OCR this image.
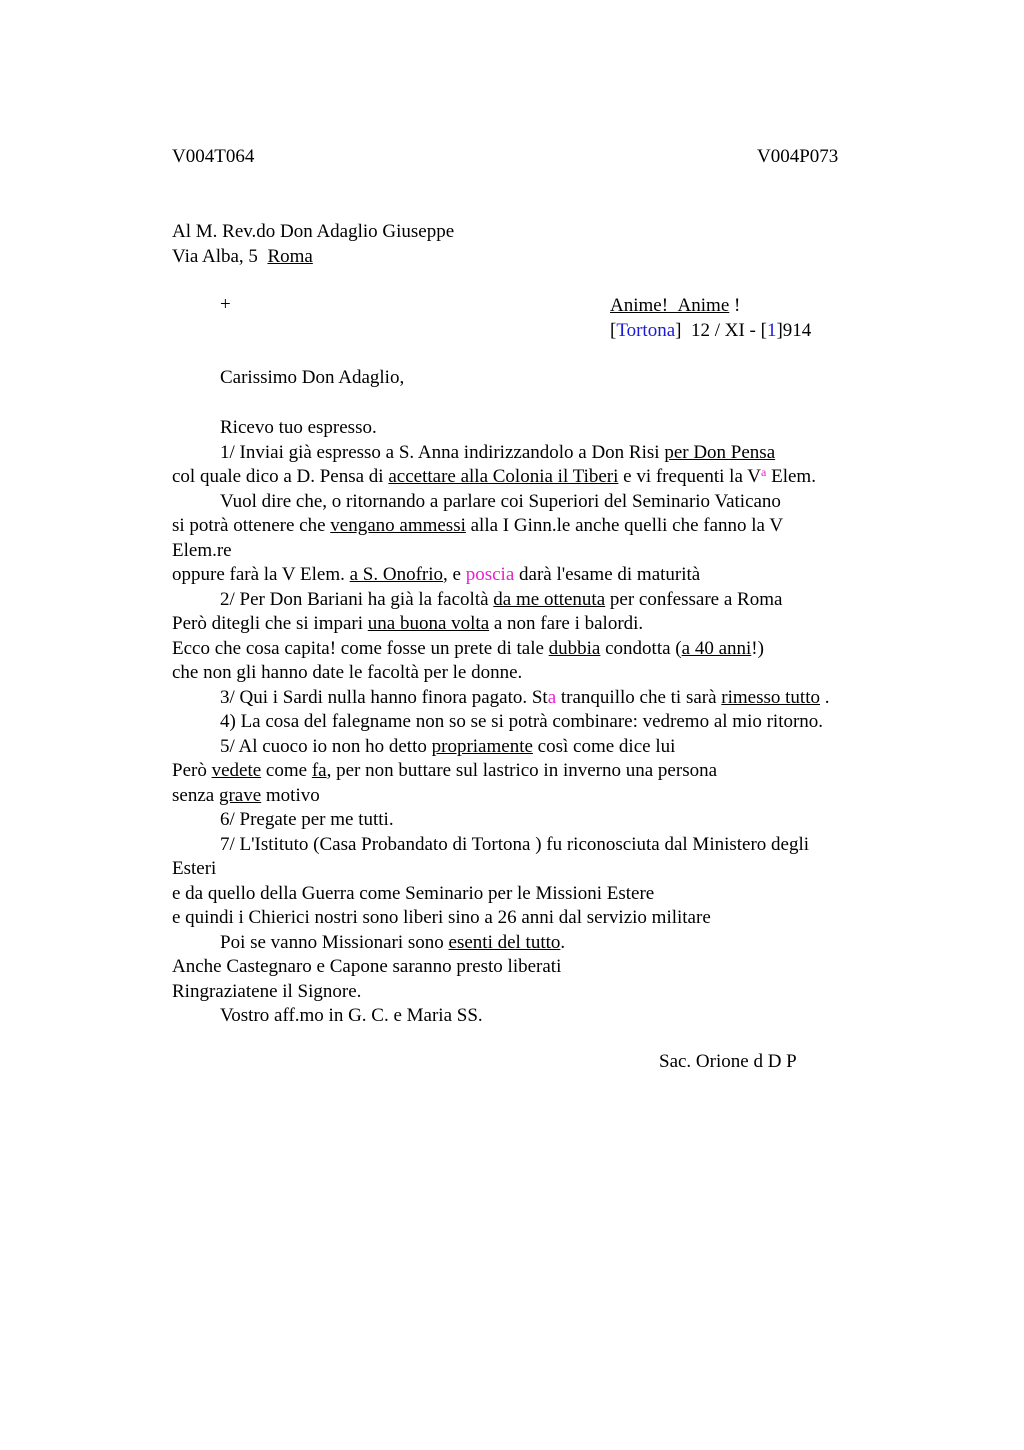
V004T064	V004P073
Al M. Rev.do Don Adaglio Giuseppe
Via Alba, 5 Roma
+	Anime! Anime !
[Tortona]  12 / XI - [1]914
Carissimo Don Adaglio,
Ricevo tuo espresso.
1/ Inviai già espresso a S. Anna indirizzandolo a Don Risi per Don Pensa
col quale dico a D. Pensa di accettare alla Colonia il Tiberi e vi frequenti la $V^a$ Elem.
Vuol dire che, o ritornando a parlare coi Superiori del Seminario Vaticano
si potrà ottenere che vengano ammessi alla I Ginn.le anche quelli che fanno la V
Elem.re
oppure farà la V Elem. a S. Onofrio, e poscia darà l'esame di maturità
2/ Per Don Bariani ha già la facoltà da me ottenuta per confessare a Roma
Però ditegli che si impari una buona volta a non fare i balordi.
Ecco che cosa capita! come fosse un prete di tale dubbia condotta (a 40 anni!)
che non gli hanno date le facoltà per le donne.
3/ Qui i Sardi nulla hanno finora pagato. Sta tranquillo che ti sarà rimesso tutto .
4) La cosa del falegname non so se si potrà combinare: vedremo al mio ritorno.
5/ Al cuoco io non ho detto propriamente così come dice lui
Però vedete come fa, per non buttare sul lastrico in inverno una persona
senza grave motivo
6/ Pregate per me tutti.
7/ L'Istituto (Casa Probandato di Tortona ) fu riconosciuta dal Ministero degli
Esteri
e da quello della Guerra come Seminario per le Missioni Estere
e quindi i Chierici nostri sono liberi sino a 26 anni dal servizio militare
Poi se vanno Missionari sono esenti del tutto.
Anche Castegnaro e Capone saranno presto liberati
Ringraziatene il Signore.
Vostro aff.mo in G. C. e Maria SS.
Sac. Orione d D P
